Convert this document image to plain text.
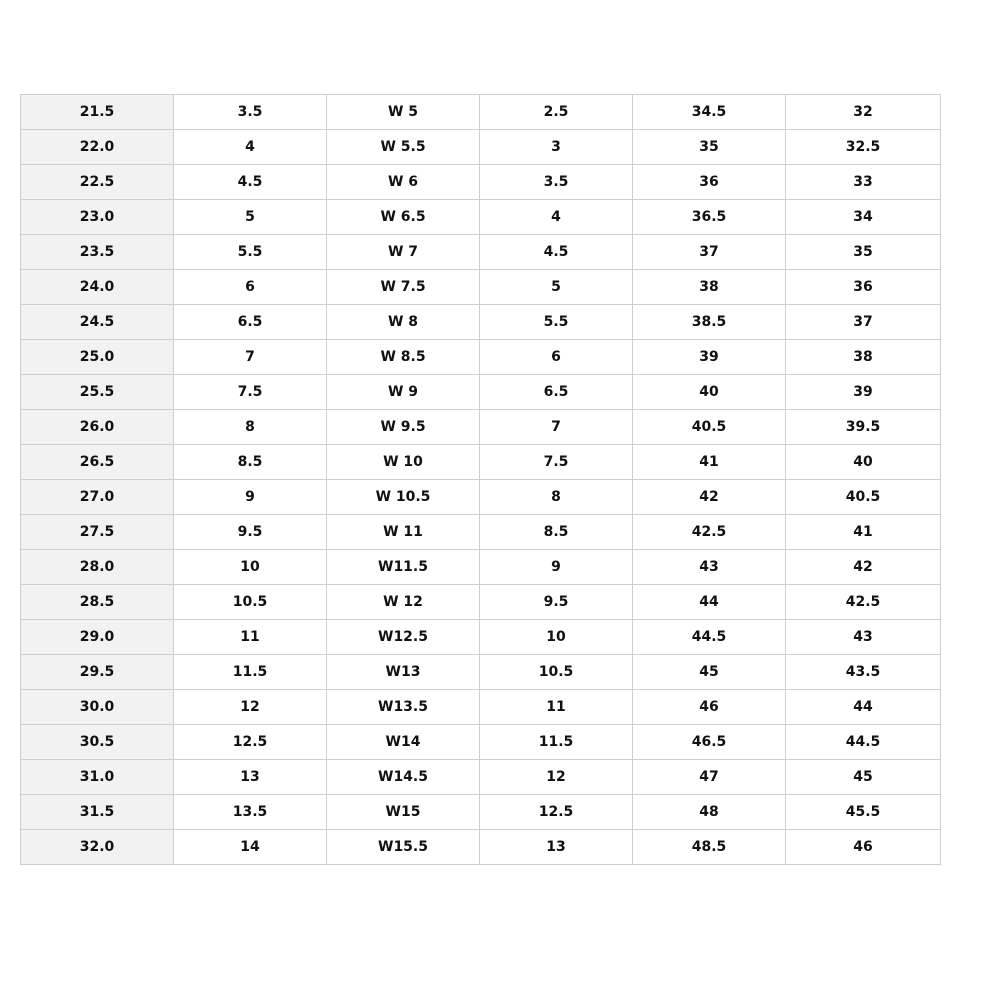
21.5	3.5	W 5	2.5	34.5	32
22.0	4	W 5.5	3	35	32.5
22.5	4.5	W 6	3.5	36	33
23.0	5	W 6.5	4	36.5	34
23.5	5.5	W 7	4.5	37	35
24.0	6	W 7.5	5	38	36
24.5	6.5	W 8	5.5	38.5	37
25.0	7	W 8.5	6	39	38
25.5	7.5	W 9	6.5	40	39
26.0	8	W 9.5	7	40.5	39.5
26.5	8.5	W 10	7.5	41	40
27.0	9	W 10.5	8	42	40.5
27.5	9.5	W 11	8.5	42.5	41
28.0	10	W11.5	9	43	42
28.5	10.5	W 12	9.5	44	42.5
29.0	11	W12.5	10	44.5	43
29.5	11.5	W13	10.5	45	43.5
30.0	12	W13.5	11	46	44
30.5	12.5	W14	11.5	46.5	44.5
31.0	13	W14.5	12	47	45
31.5	13.5	W15	12.5	48	45.5
32.0	14	W15.5	13	48.5	46
